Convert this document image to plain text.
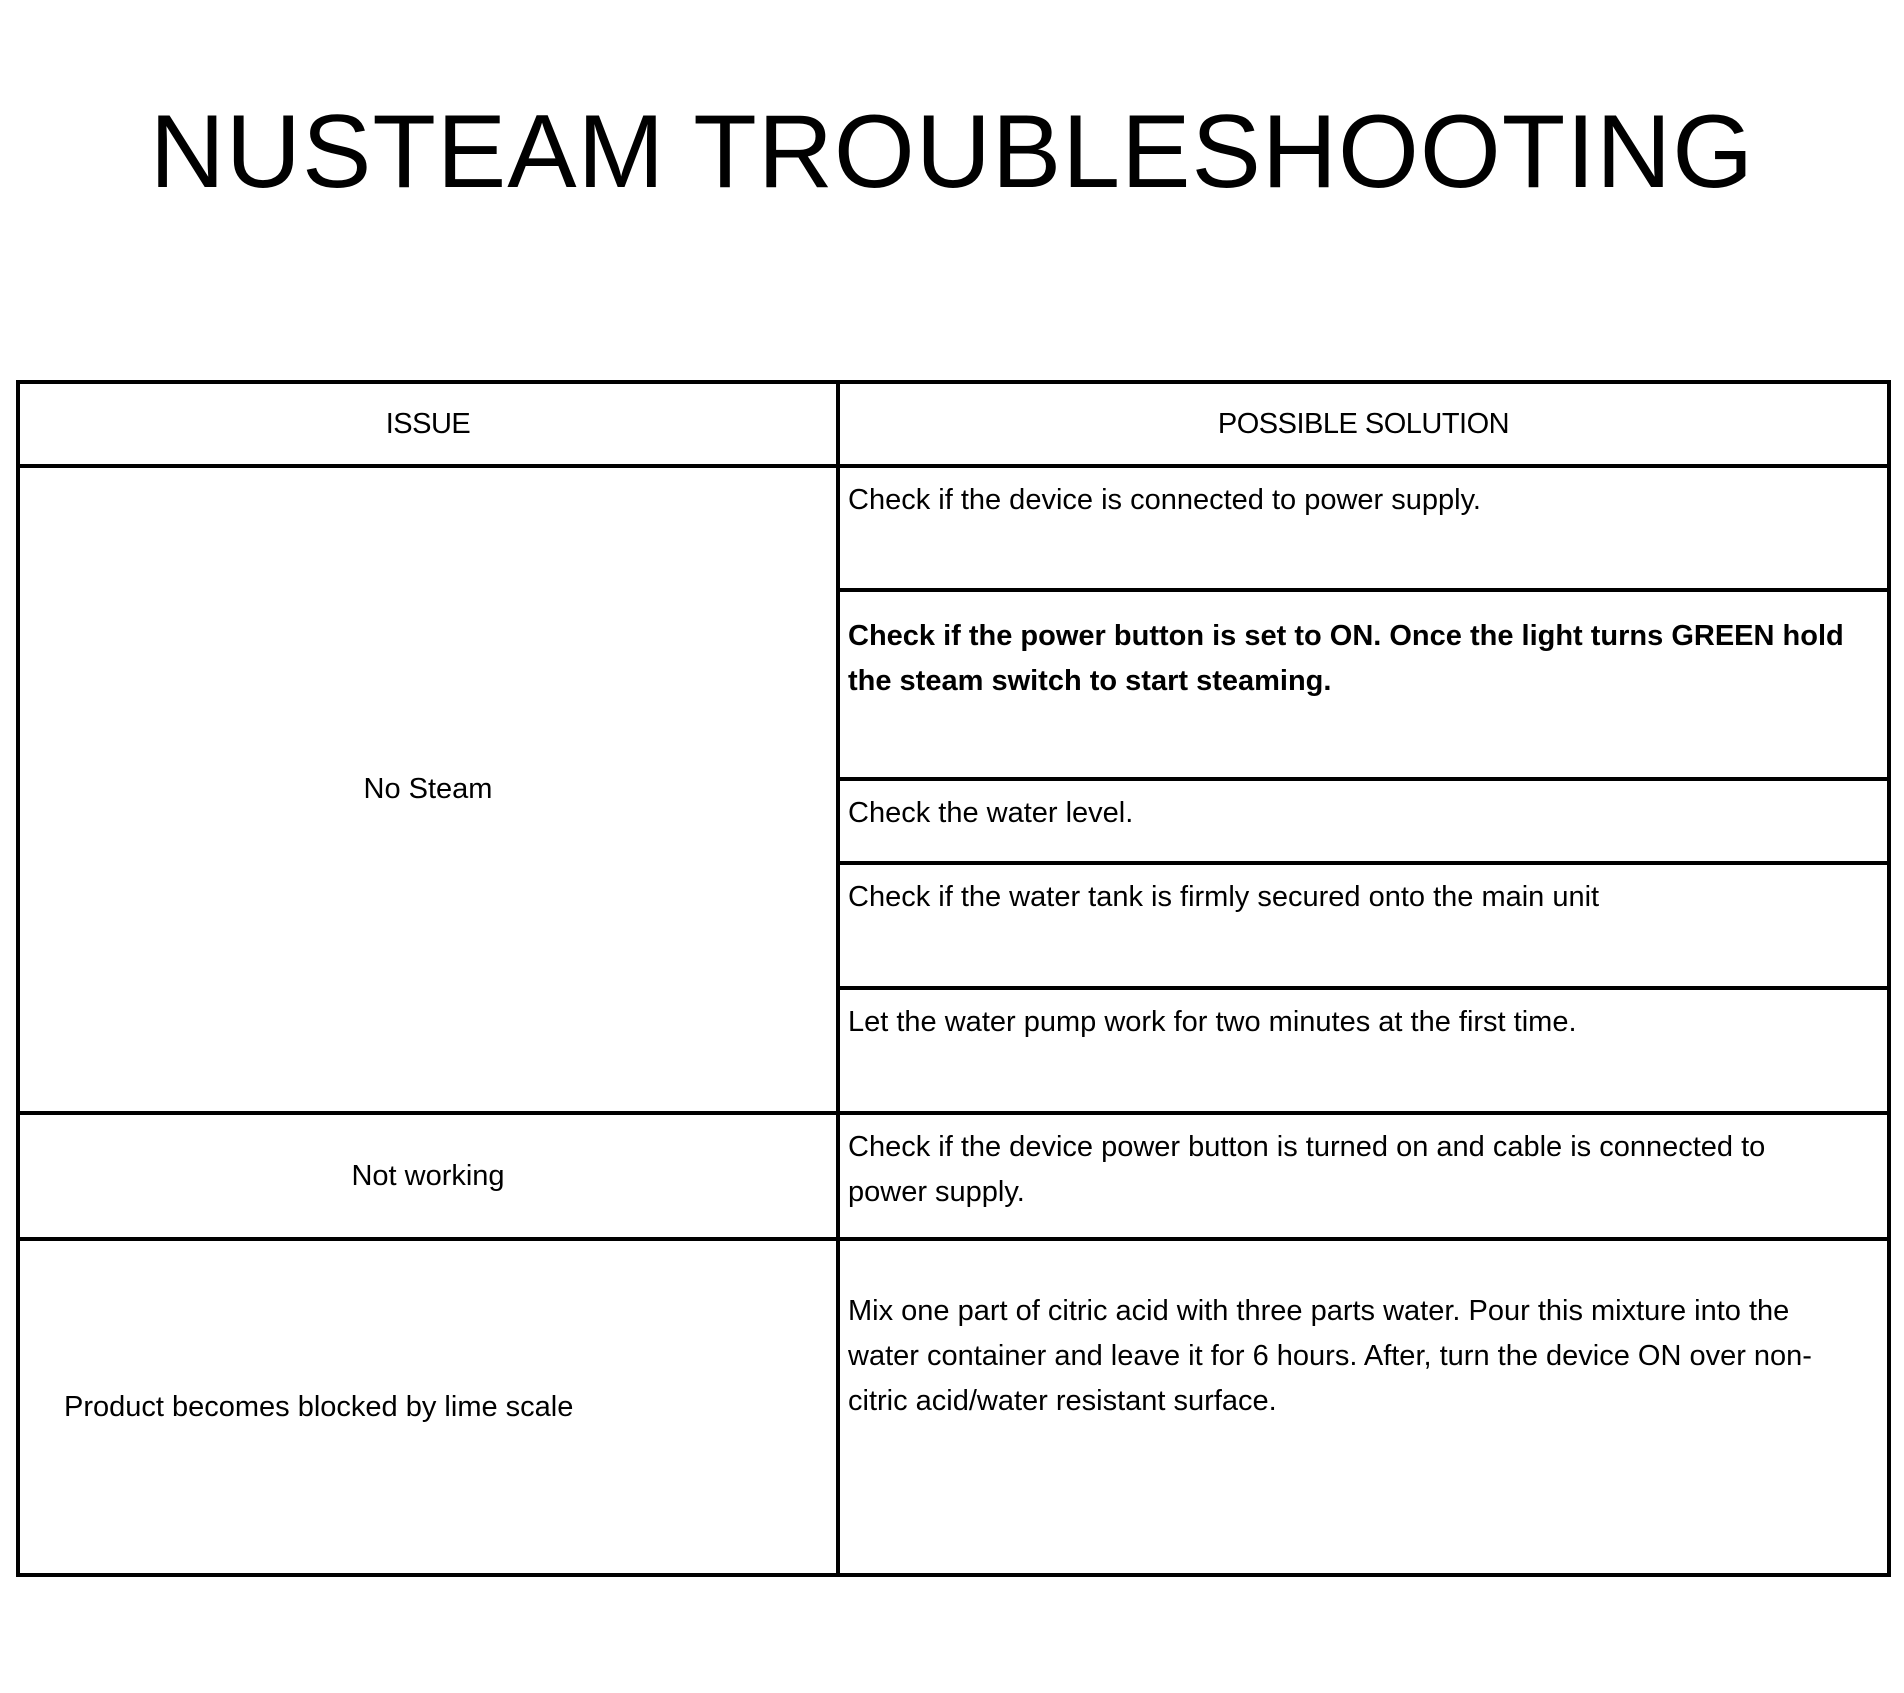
NUSTEAM TROUBLESHOOTING
ISSUE	POSSIBLE SOLUTION
No Steam	Check if the device is connected to power supply.
	Check if the power button is set to ON. Once the light turns GREEN hold the steam switch to start steaming.
	Check the water level.
	Check if the water tank is firmly secured onto the main unit
	Let the water pump work for two minutes at the first time.
Not working	Check if the device power button is turned on and cable is connected to power supply.
Product becomes blocked by lime scale	Mix one part of citric acid with three parts water. Pour this mixture into the water container and leave it for 6 hours. After, turn the device ON over non-citric acid/water resistant surface.
